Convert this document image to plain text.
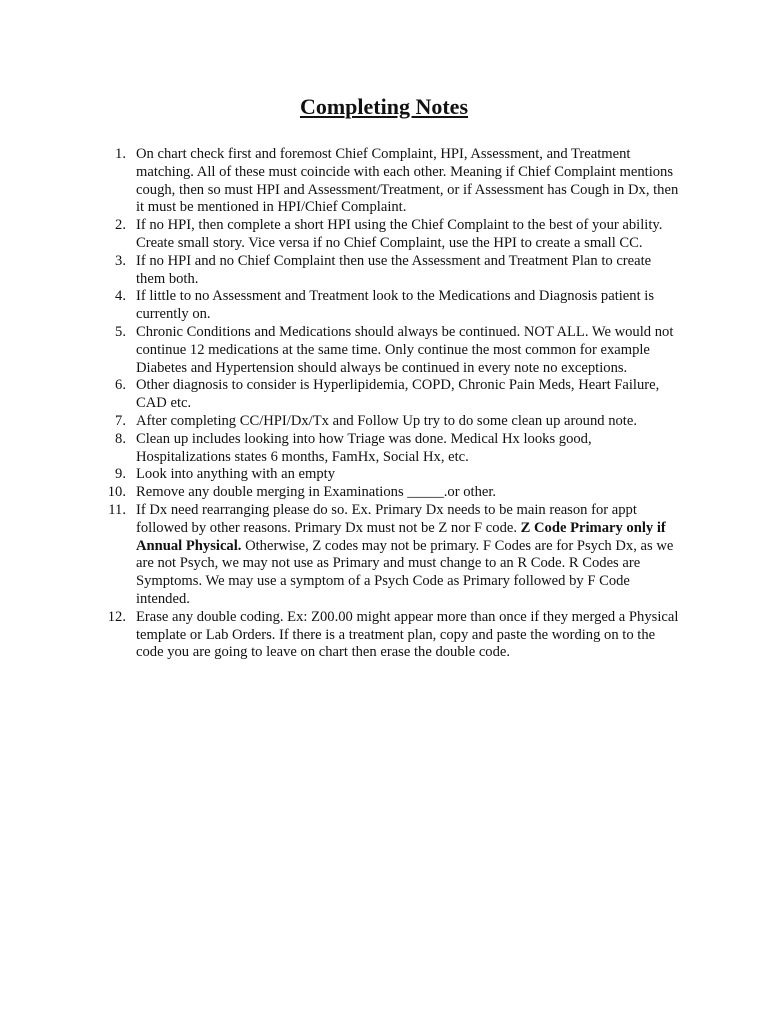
Completing Notes
1. On chart check first and foremost Chief Complaint, HPI, Assessment, and Treatment matching. All of these must coincide with each other. Meaning if Chief Complaint mentions cough, then so must HPI and Assessment/Treatment, or if Assessment has Cough in Dx, then it must be mentioned in HPI/Chief Complaint.
2. If no HPI, then complete a short HPI using the Chief Complaint to the best of your ability. Create small story. Vice versa if no Chief Complaint, use the HPI to create a small CC.
3. If no HPI and no Chief Complaint then use the Assessment and Treatment Plan to create them both.
4. If little to no Assessment and Treatment look to the Medications and Diagnosis patient is currently on.
5. Chronic Conditions and Medications should always be continued. NOT ALL. We would not continue 12 medications at the same time. Only continue the most common for example Diabetes and Hypertension should always be continued in every note no exceptions.
6. Other diagnosis to consider is Hyperlipidemia, COPD, Chronic Pain Meds, Heart Failure, CAD etc.
7. After completing CC/HPI/Dx/Tx and Follow Up try to do some clean up around note.
8. Clean up includes looking into how Triage was done. Medical Hx looks good, Hospitalizations states 6 months, FamHx, Social Hx, etc.
9. Look into anything with an empty
10. Remove any double merging in Examinations _____.or other.
11. If Dx need rearranging please do so. Ex. Primary Dx needs to be main reason for appt followed by other reasons. Primary Dx must not be Z nor F code. Z Code Primary only if Annual Physical. Otherwise, Z codes may not be primary. F Codes are for Psych Dx, as we are not Psych, we may not use as Primary and must change to an R Code. R Codes are Symptoms. We may use a symptom of a Psych Code as Primary followed by F Code intended.
12. Erase any double coding. Ex: Z00.00 might appear more than once if they merged a Physical template or Lab Orders. If there is a treatment plan, copy and paste the wording on to the code you are going to leave on chart then erase the double code.
